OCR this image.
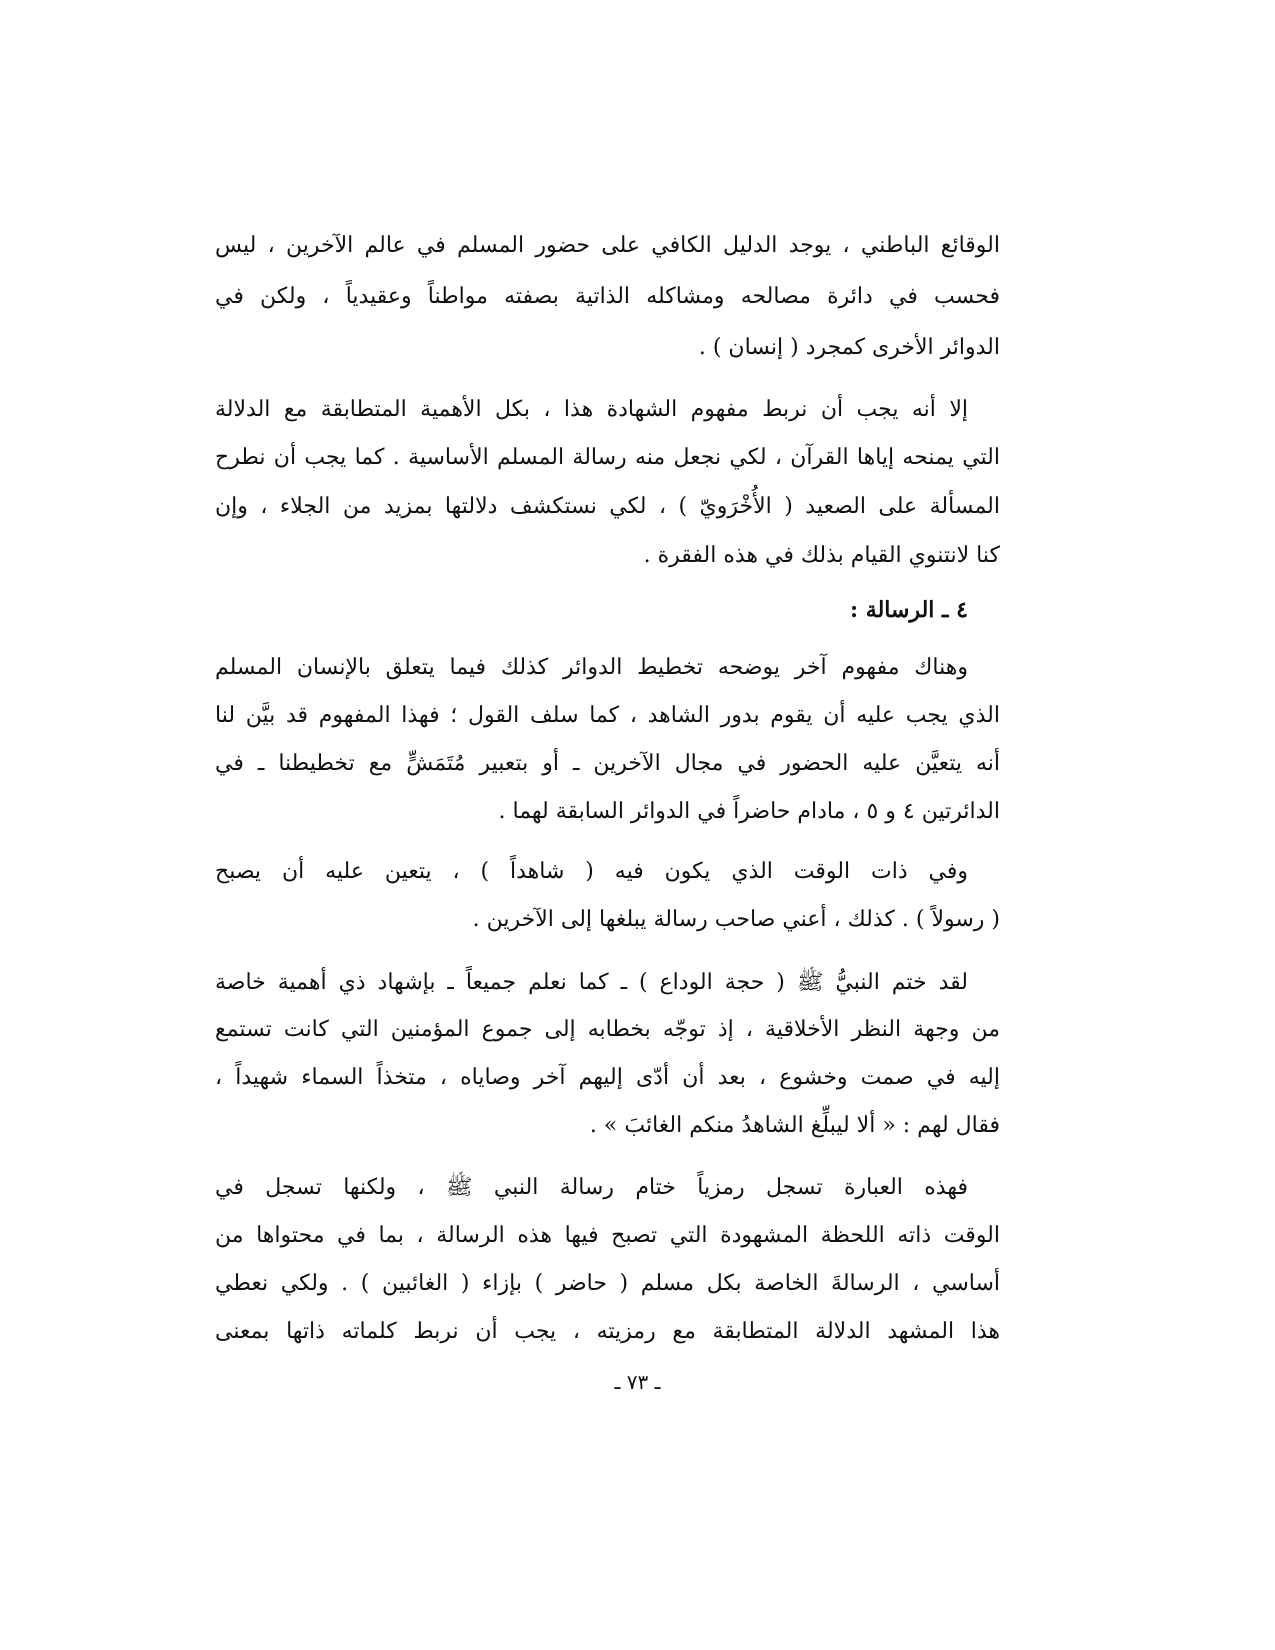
الوقائع الباطني ، يوجد الدليل الكافي على حضور المسلم في عالم الآخرين ، ليس
فحسب في دائرة مصالحه ومشاكله الذاتية بصفته مواطناً وعقيدياً ، ولكن في
الدوائر الأخرى كمجرد ( إنسان ) .
إلا أنه يجب أن نربط مفهوم الشهادة هذا ، بكل الأهمية المتطابقة مع الدلالة
التي يمنحه إياها القرآن ، لكي نجعل منه رسالة المسلم الأساسية . كما يجب أن نطرح
المسألة على الصعيد ( الأُخْرَويّ ) ، لكي نستكشف دلالتها بمزيد من الجلاء ، وإن
كنا لانتنوي القيام بذلك في هذه الفقرة .
٤ ـ الرسالة :
وهناك مفهوم آخر يوضحه تخطيط الدوائر كذلك فيما يتعلق بالإنسان المسلم
الذي يجب عليه أن يقوم بدور الشاهد ، كما سلف القول ؛ فهذا المفهوم قد بيَّن لنا
أنه يتعيَّن عليه الحضور في مجال الآخرين ـ أو بتعبير مُتَمَشٍّ مع تخطيطنا ـ في
الدائرتين ٤ و ٥ ، مادام حاضراً في الدوائر السابقة لهما .
وفي ذات الوقت الذي يكون فيه ( شاهداً ) ، يتعين عليه أن يصبح
( رسولاً ) . كذلك ، أعني صاحب رسالة يبلغها إلى الآخرين .
لقد ختم النبيُّ ﷺ ( حجة الوداع ) ـ كما نعلم جميعاً ـ بإشهاد ذي أهمية خاصة
من وجهة النظر الأخلاقية ، إذ توجّه بخطابه إلى جموع المؤمنين التي كانت تستمع
إليه في صمت وخشوع ، بعد أن أدّى إليهم آخر وصاياه ، متخذاً السماء شهيداً ،
فقال لهم : « ألا ليبلِّغ الشاهدُ منكم الغائبَ » .
فهذه العبارة تسجل رمزياً ختام رسالة النبي ﷺ ، ولكنها تسجل في
الوقت ذاته اللحظة المشهودة التي تصبح فيها هذه الرسالة ، بما في محتواها من
أساسي ، الرسالةَ الخاصة بكل مسلم ( حاضر ) بإزاء ( الغائبين ) . ولكي نعطي
هذا المشهد الدلالة المتطابقة مع رمزيته ، يجب أن نربط كلماته ذاتها بمعنى
ـ ٧٣ ـ
